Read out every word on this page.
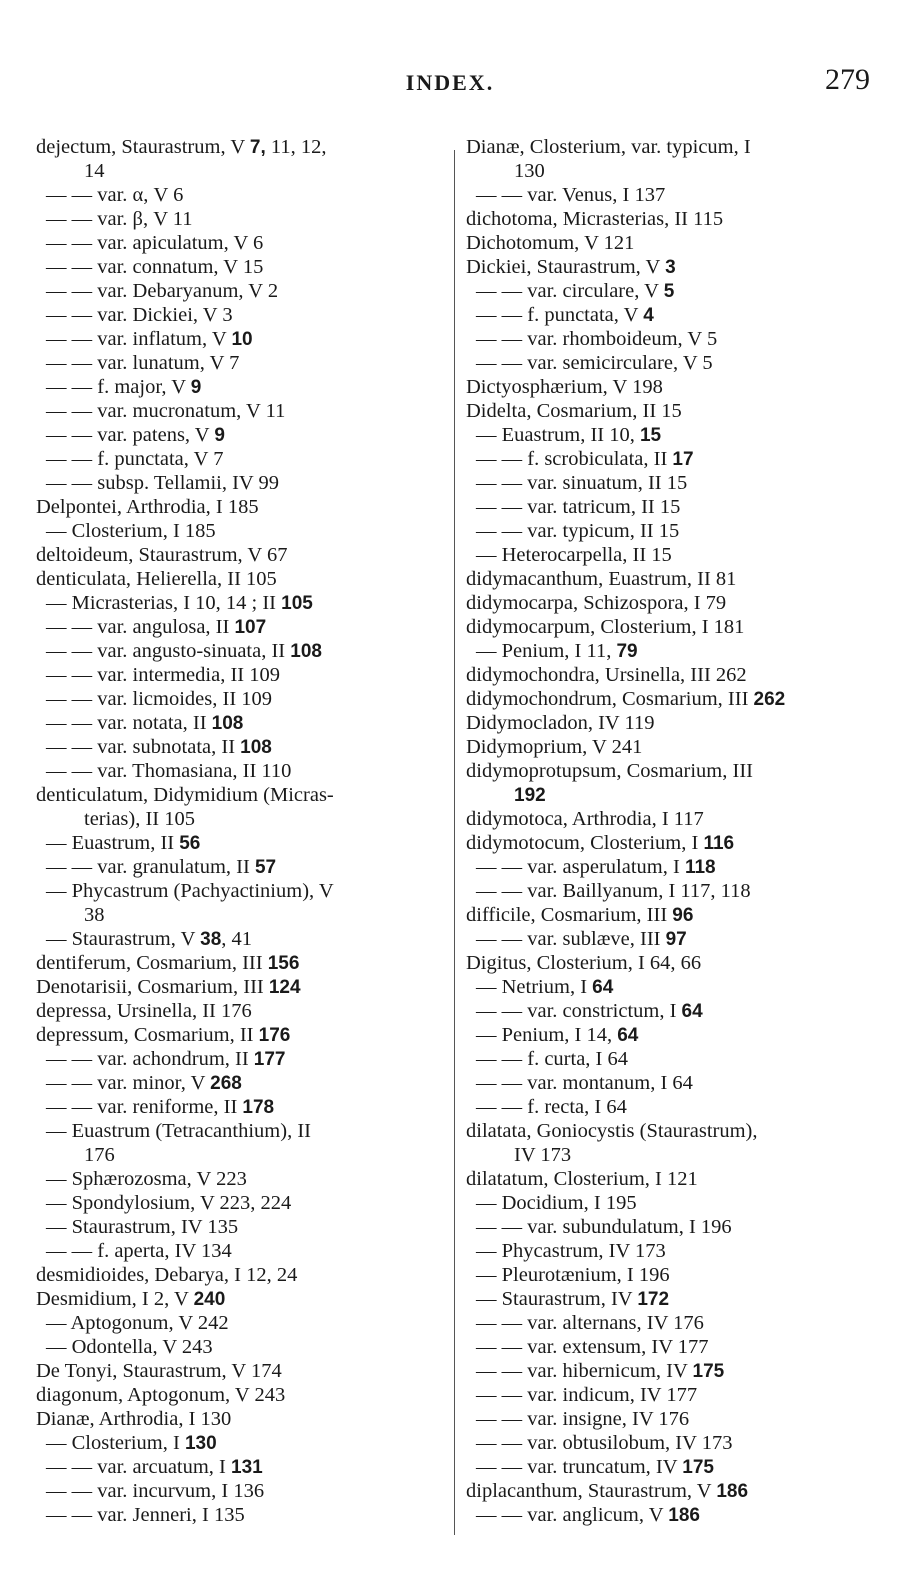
INDEX.	279
dejectum, Staurastrum, V 7, 11, 12,
14
— — var. α, V 6
— — var. β, V 11
— — var. apiculatum, V 6
— — var. connatum, V 15
— — var. Debaryanum, V 2
— — var. Dickiei, V 3
— — var. inflatum, V 10
— — var. lunatum, V 7
— — f. major, V 9
— — var. mucronatum, V 11
— — var. patens, V 9
— — f. punctata, V 7
— — subsp. Tellamii, IV 99
Delpontei, Arthrodia, I 185
— Closterium, I 185
deltoideum, Staurastrum, V 67
denticulata, Helierella, II 105
— Micrasterias, I 10, 14 ; II 105
— — var. angulosa, II 107
— — var. angusto-sinuata, II 108
— — var. intermedia, II 109
— — var. licmoides, II 109
— — var. notata, II 108
— — var. subnotata, II 108
— — var. Thomasiana, II 110
denticulatum, Didymidium (Micras-
terias), II 105
— Euastrum, II 56
— — var. granulatum, II 57
— Phycastrum (Pachyactinium), V
38
— Staurastrum, V 38, 41
dentiferum, Cosmarium, III 156
Denotarisii, Cosmarium, III 124
depressa, Ursinella, II 176
depressum, Cosmarium, II 176
— — var. achondrum, II 177
— — var. minor, V 268
— — var. reniforme, II 178
— Euastrum (Tetracanthium), II
176
— Sphærozosma, V 223
— Spondylosium, V 223, 224
— Staurastrum, IV 135
— — f. aperta, IV 134
desmidioides, Debarya, I 12, 24
Desmidium, I 2, V 240
— Aptogonum, V 242
— Odontella, V 243
De Tonyi, Staurastrum, V 174
diagonum, Aptogonum, V 243
Dianæ, Arthrodia, I 130
— Closterium, I 130
— — var. arcuatum, I 131
— — var. incurvum, I 136
— — var. Jenneri, I 135
Dianæ, Closterium, var. typicum, I
130
— — var. Venus, I 137
dichotoma, Micrasterias, II 115
Dichotomum, V 121
Dickiei, Staurastrum, V 3
— — var. circulare, V 5
— — f. punctata, V 4
— — var. rhomboideum, V 5
— — var. semicirculare, V 5
Dictyosphærium, V 198
Didelta, Cosmarium, II 15
— Euastrum, II 10, 15
— — f. scrobiculata, II 17
— — var. sinuatum, II 15
— — var. tatricum, II 15
— — var. typicum, II 15
— Heterocarpella, II 15
didymacanthum, Euastrum, II 81
didymocarpa, Schizospora, I 79
didymocarpum, Closterium, I 181
— Penium, I 11, 79
didymochondra, Ursinella, III 262
didymochondrum, Cosmarium, III 262
Didymocladon, IV 119
Didymoprium, V 241
didymoprotupsum, Cosmarium, III
192
didymotoca, Arthrodia, I 117
didymotocum, Closterium, I 116
— — var. asperulatum, I 118
— — var. Baillyanum, I 117, 118
difficile, Cosmarium, III 96
— — var. sublæve, III 97
Digitus, Closterium, I 64, 66
— Netrium, I 64
— — var. constrictum, I 64
— Penium, I 14, 64
— — f. curta, I 64
— — var. montanum, I 64
— — f. recta, I 64
dilatata, Goniocystis (Staurastrum),
IV 173
dilatatum, Closterium, I 121
— Docidium, I 195
— — var. subundulatum, I 196
— Phycastrum, IV 173
— Pleurotænium, I 196
— Staurastrum, IV 172
— — var. alternans, IV 176
— — var. extensum, IV 177
— — var. hibernicum, IV 175
— — var. indicum, IV 177
— — var. insigne, IV 176
— — var. obtusilobum, IV 173
— — var. truncatum, IV 175
diplacanthum, Staurastrum, V 186
— — var. anglicum, V 186
